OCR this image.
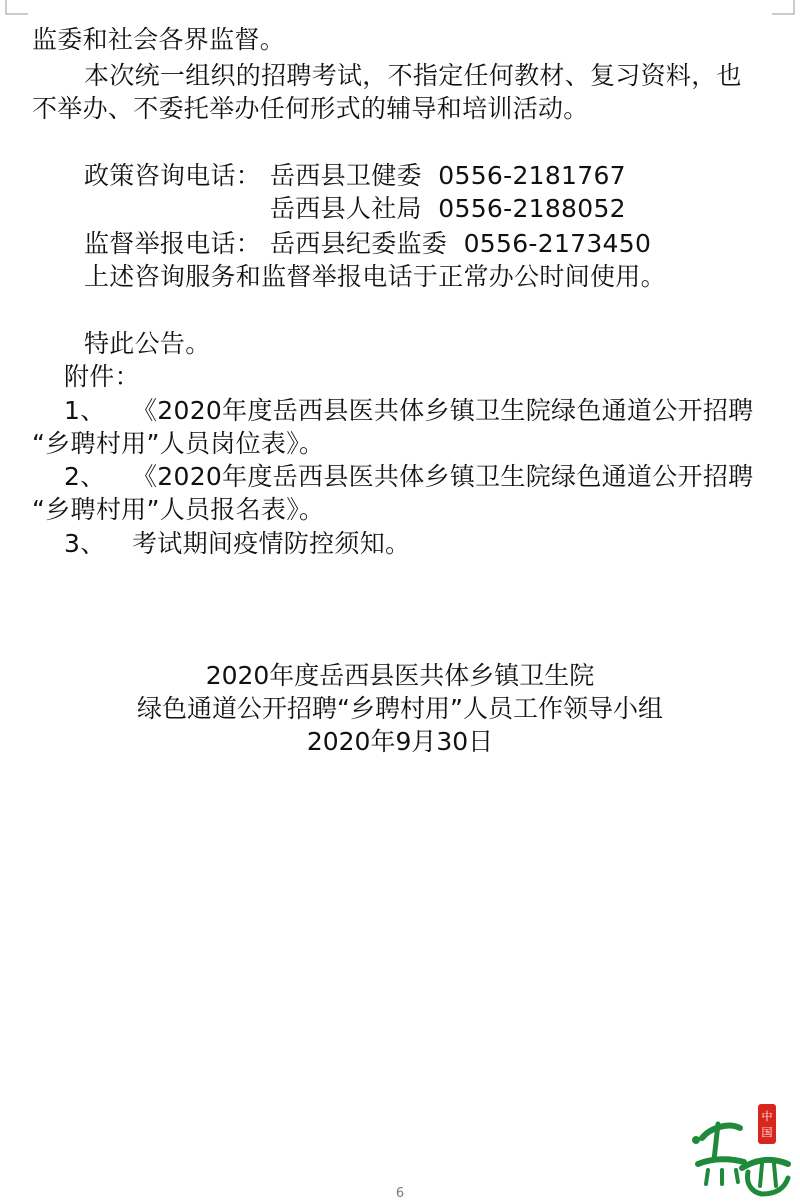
监委和社会各界监督。
本次统一组织的招聘考试，不指定任何教材、复习资料，也
不举办、不委托举办任何形式的辅导和培训活动。
政策咨询电话： 岳西县卫健委  0556-2181767
岳西县人社局  0556-2188052
监督举报电话： 岳西县纪委监委  0556-2173450
上述咨询服务和监督举报电话于正常办公时间使用。
特此公告。
附件：
1、 《2020年度岳西县医共体乡镇卫生院绿色通道公开招聘
“乡聘村用”人员岗位表》。
2、 《2020年度岳西县医共体乡镇卫生院绿色通道公开招聘
“乡聘村用”人员报名表》。
3、 考试期间疫情防控须知。
2020年度岳西县医共体乡镇卫生院
绿色通道公开招聘“乡聘村用”人员工作领导小组
2020年9月30日
中
国
6
